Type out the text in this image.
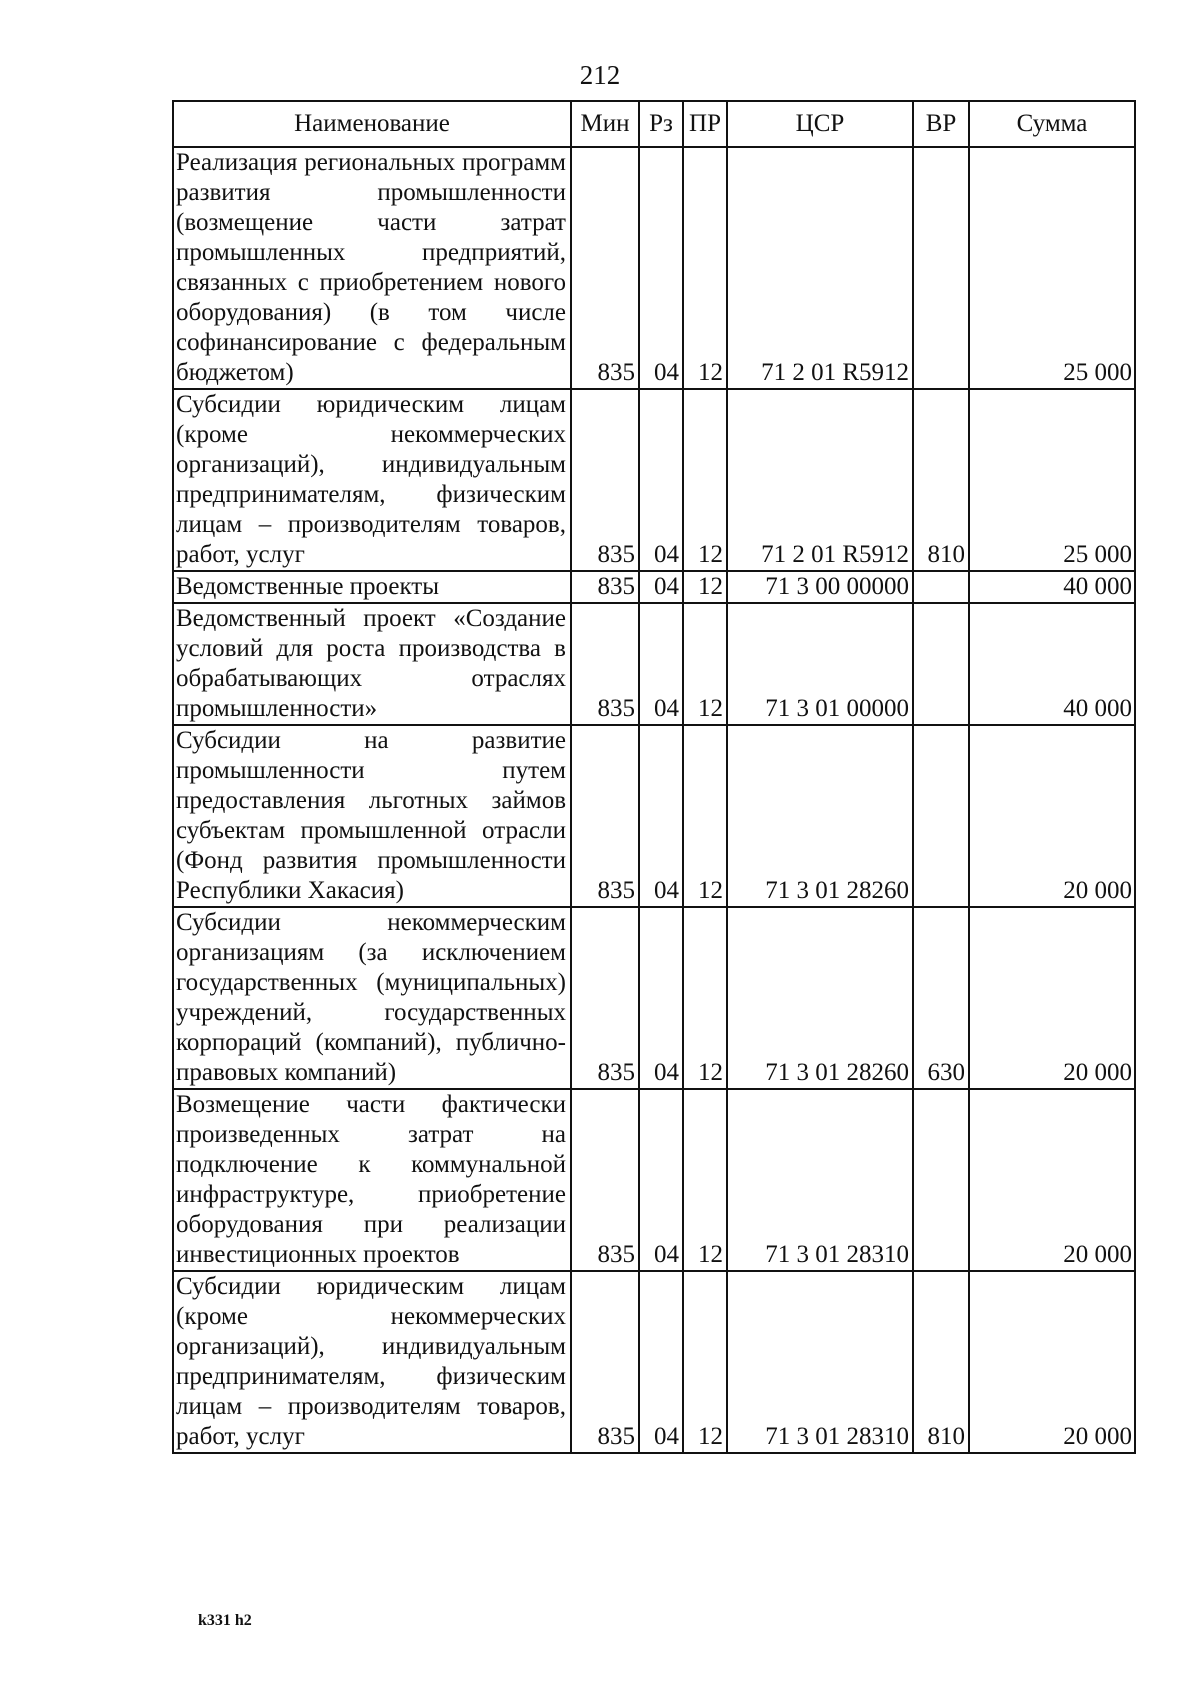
212
Наименование	Мин	Рз	ПР	ЦСР	ВР	Сумма
Реализация региональных программ развития промышленности (возмещение части затрат промышленных предприятий, связанных с приобретением нового оборудования) (в том числе софинансирование с федеральным бюджетом)	835	04	12	71 2 01 R5912		25 000
Субсидии юридическим лицам (кроме некоммерческих организаций), индивидуальным предпринимателям, физическим лицам – производителям товаров, работ, услуг	835	04	12	71 2 01 R5912	810	25 000
Ведомственные проекты	835	04	12	71 3 00 00000		40 000
Ведомственный проект «Создание условий для роста производства в обрабатывающих отраслях промышленности»	835	04	12	71 3 01 00000		40 000
Субсидии на развитие промышленности путем предоставления льготных займов субъектам промышленной отрасли (Фонд развития промышленности Республики Хакасия)	835	04	12	71 3 01 28260		20 000
Субсидии некоммерческим организациям (за исключением государственных (муниципальных) учреждений, государственных корпораций (компаний), публично-правовых компаний)	835	04	12	71 3 01 28260	630	20 000
Возмещение части фактически произведенных затрат на подключение к коммунальной инфраструктуре, приобретение оборудования при реализации инвестиционных проектов	835	04	12	71 3 01 28310		20 000
Субсидии юридическим лицам (кроме некоммерческих организаций), индивидуальным предпринимателям, физическим лицам – производителям товаров, работ, услуг	835	04	12	71 3 01 28310	810	20 000
k331 h2
